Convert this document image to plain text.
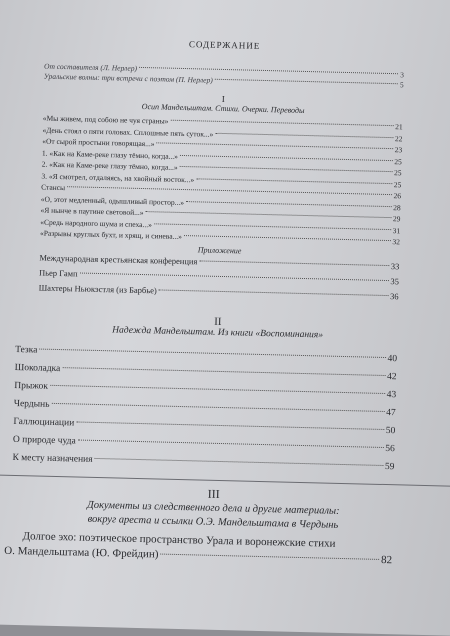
СОДЕРЖАНИЕ
От составителя (Л. Нерлер)
3
Уральские волны: три встречи с поэтом (П. Нерлер)
5
I
Осип Мандельштам. Стихи. Очерки. Переводы
«Мы живем, под собою не чуя страны»
21
«День стоял о пяти головах. Сплошные пять суток...»
22
«От сырой простыни говорящая...»
23
1. «Как на Каме-реке глазу тёмно, когда...»
25
2. «Как на Каме-реке глазу тёмно, когда...»
25
3. «Я смотрел, отдаляясь, на хвойный восток...»
25
Стансы
26
«О, этот медленный, одышливый простор...»
28
«Я нынче в паутине световой...»
29
«Средь народного шума и спеха...»
31
«Разрывы круглых бухт, и хрящ, и синева...»
32
Приложение
Международная крестьянская конференция	33
Пьер Гамп
35
Шахтеры Ньюкэстля (из Барбье)
36
II
Надежда Мандельштам. Из книги «Воспоминания»
Тезка
40
Шоколадка
42
Прыжок
43
Чердынь
47
Галлюцинации
50
О природе чуда
56
К месту назначения
59
III
Документы из следственного дела и другие материалы:
вокруг ареста и ссылки О.Э. Мандельштама в Чердынь
Долгое эхо: поэтическое пространство Урала и воронежские стихи
О. Мандельштама (Ю. Фрейдин)	82
